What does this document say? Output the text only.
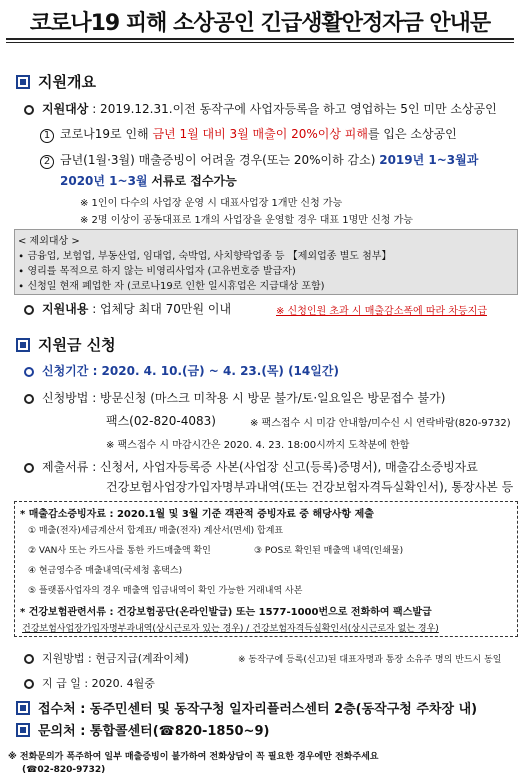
코로나19 피해 소상공인 긴급생활안정자금 안내문
지원개요
지원대상 : 2019.12.31.이전 동작구에 사업자등록을 하고 영업하는 5인 미만 소상공인
1 코로나19로 인해 금년 1월 대비 3월 매출이 20%이상 피해를 입은 소상공인
2 금년(1월·3월) 매출증빙이 어려울 경우(또는 20%이하 감소) 2019년 1~3월과
2020년 1~3월 서류로 접수가능
※ 1인이 다수의 사업장 운영 시 대표사업장 1개만 신청 가능
※ 2명 이상이 공동대표로 1개의 사업장을 운영할 경우 대표 1명만 신청 가능
< 제외대상 >
∙ 금융업, 보험업, 부동산업, 임대업, 숙박업, 사치향락업종 등 【제외업종 별도 첨부】
∙ 영리를 목적으로 하지 않는 비영리사업자 (고유번호증 발급자)
∙ 신청일 현재 폐업한 자 (코로나19로 인한 일시휴업은 지급대상 포함)
지원내용 : 업체당 최대 70만원 이내	※ 신청인원 초과 시 매출감소폭에 따라 차등지급
지원금 신청
신청기간 : 2020. 4. 10.(금) ~ 4. 23.(목) (14일간)
신청방법 : 방문신청 (마스크 미착용 시 방문 불가/토·일요일은 방문접수 불가)
팩스(02-820-4083)	※ 팩스접수 시 미감 안내함/미수신 시 연락바람(820-9732)
※ 팩스접수 시 마감시간은 2020. 4. 23. 18:00시까지 도착분에 한함
제출서류 : 신청서, 사업자등록증 사본(사업장 신고(등록)증명서), 매출감소증빙자료
건강보험사업장가입자명부과내역(또는 건강보험자격득실확인서), 통장사본 등
* 매출감소증빙자료 : 2020.1월 및 3월 기준 객관적 증빙자료 중 해당사항 제출
① 매출(전자)세금계산서 합계표/ 매출(전자) 계산서(면세) 합계표
② VAN사 또는 카드사를 통한 카드매출액 확인	③ POS로 확인된 매출액 내역(인쇄물)
④ 현금영수증 매출내역(국세청 홈택스)
⑤ 플랫폼사업자의 경우 매출액 입금내역이 확인 가능한 거래내역 사본
* 건강보험관련서류 : 건강보험공단(온라인발급) 또는 1577-1000번으로 전화하여 팩스발급
건강보험사업장가입자명부과내역(상시근로자 있는 경우) / 건강보험자격득실확인서(상시근로자 없는 경우)
지원방법 : 현금지급(계좌이체)	※ 동작구에 등록(신고)된 대표자명과 통장 소유주 명의 반드시 동일
지 급 일 : 2020. 4월중
접수처 : 동주민센터 및 동작구청 일자리플러스센터 2층(동작구청 주차장 내)
문의처 : 통합콜센터(☎820-1850~9)
※ 전화문의가 폭주하여 일부 매출증빙이 불가하여 전화상담이 꼭 필요한 경우에만 전화주세요
(☎02-820-9732)
